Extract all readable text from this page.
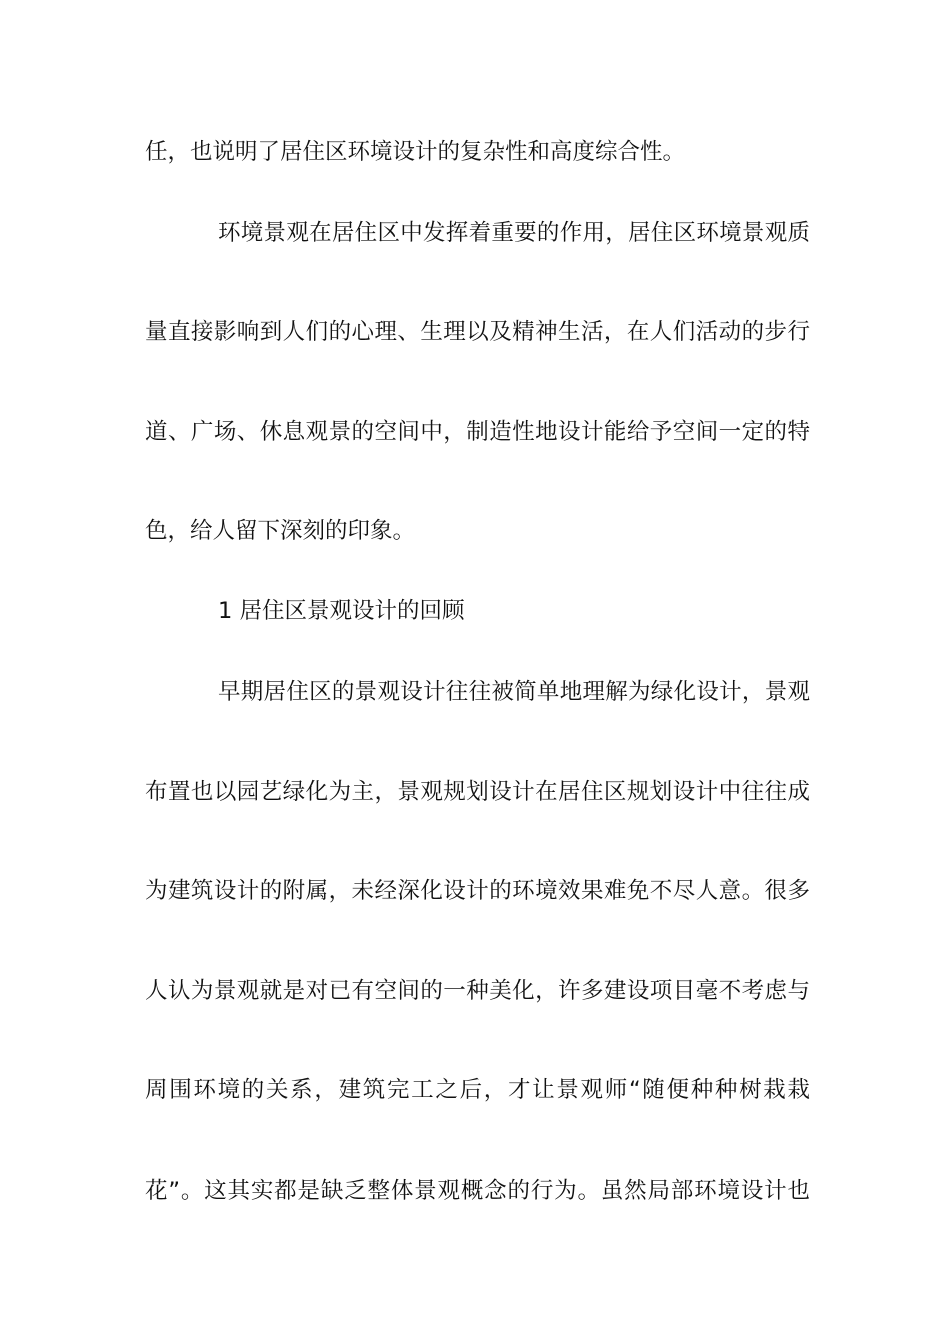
任，也说明了居住区环境设计的复杂性和高度综合性。
环境景观在居住区中发挥着重要的作用，居住区环境景观质
量直接影响到人们的心理、生理以及精神生活，在人们活动的步行
道、广场、休息观景的空间中，制造性地设计能给予空间一定的特
色，给人留下深刻的印象。
1 居住区景观设计的回顾
早期居住区的景观设计往往被简单地理解为绿化设计，景观
布置也以园艺绿化为主，景观规划设计在居住区规划设计中往往成
为建筑设计的附属，未经深化设计的环境效果难免不尽人意。很多
人认为景观就是对已有空间的一种美化，许多建设项目毫不考虑与
周围环境的关系，建筑完工之后，才让景观师“随便种种树栽栽
花”。这其实都是缺乏整体景观概念的行为。虽然局部环境设计也
